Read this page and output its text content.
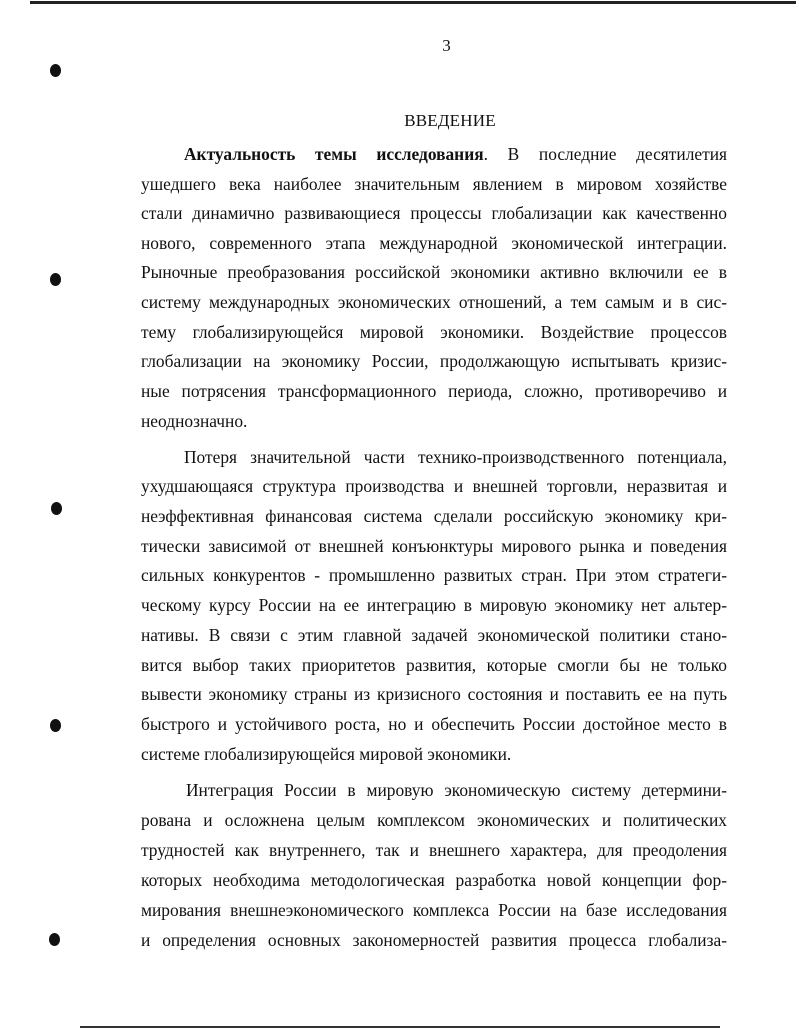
3
ВВЕДЕНИЕ
Актуальность темы исследования. В последние десятилетия
ушедшего века наиболее значительным явлением в мировом хозяйстве
стали динамично развивающиеся процессы глобализации как качественно
нового, современного этапа международной экономической интеграции.
Рыночные преобразования российской экономики активно включили ее в
систему международных экономических отношений, а тем самым и в сис-
тему глобализирующейся мировой экономики. Воздействие процессов
глобализации на экономику России, продолжающую испытывать кризис-
ные потрясения трансформационного периода, сложно, противоречиво и
неоднозначно.
Потеря значительной части технико-производственного потенциала,
ухудшающаяся структура производства и внешней торговли, неразвитая и
неэффективная финансовая система сделали российскую экономику кри-
тически зависимой от внешней конъюнктуры мирового рынка и поведения
сильных конкурентов - промышленно развитых стран. При этом стратеги-
ческому курсу России на ее интеграцию в мировую экономику нет альтер-
нативы. В связи с этим главной задачей экономической политики стано-
вится выбор таких приоритетов развития, которые смогли бы не только
вывести экономику страны из кризисного состояния и поставить ее на путь
быстрого и устойчивого роста, но и обеспечить России достойное место в
системе глобализирующейся мировой экономики.
Интеграция России в мировую экономическую систему детермини-
рована и осложнена целым комплексом экономических и политических
трудностей как внутреннего, так и внешнего характера, для преодоления
которых необходима методологическая разработка новой концепции фор-
мирования внешнеэкономического комплекса России на базе исследования
и определения основных закономерностей развития процесса глобализа-
